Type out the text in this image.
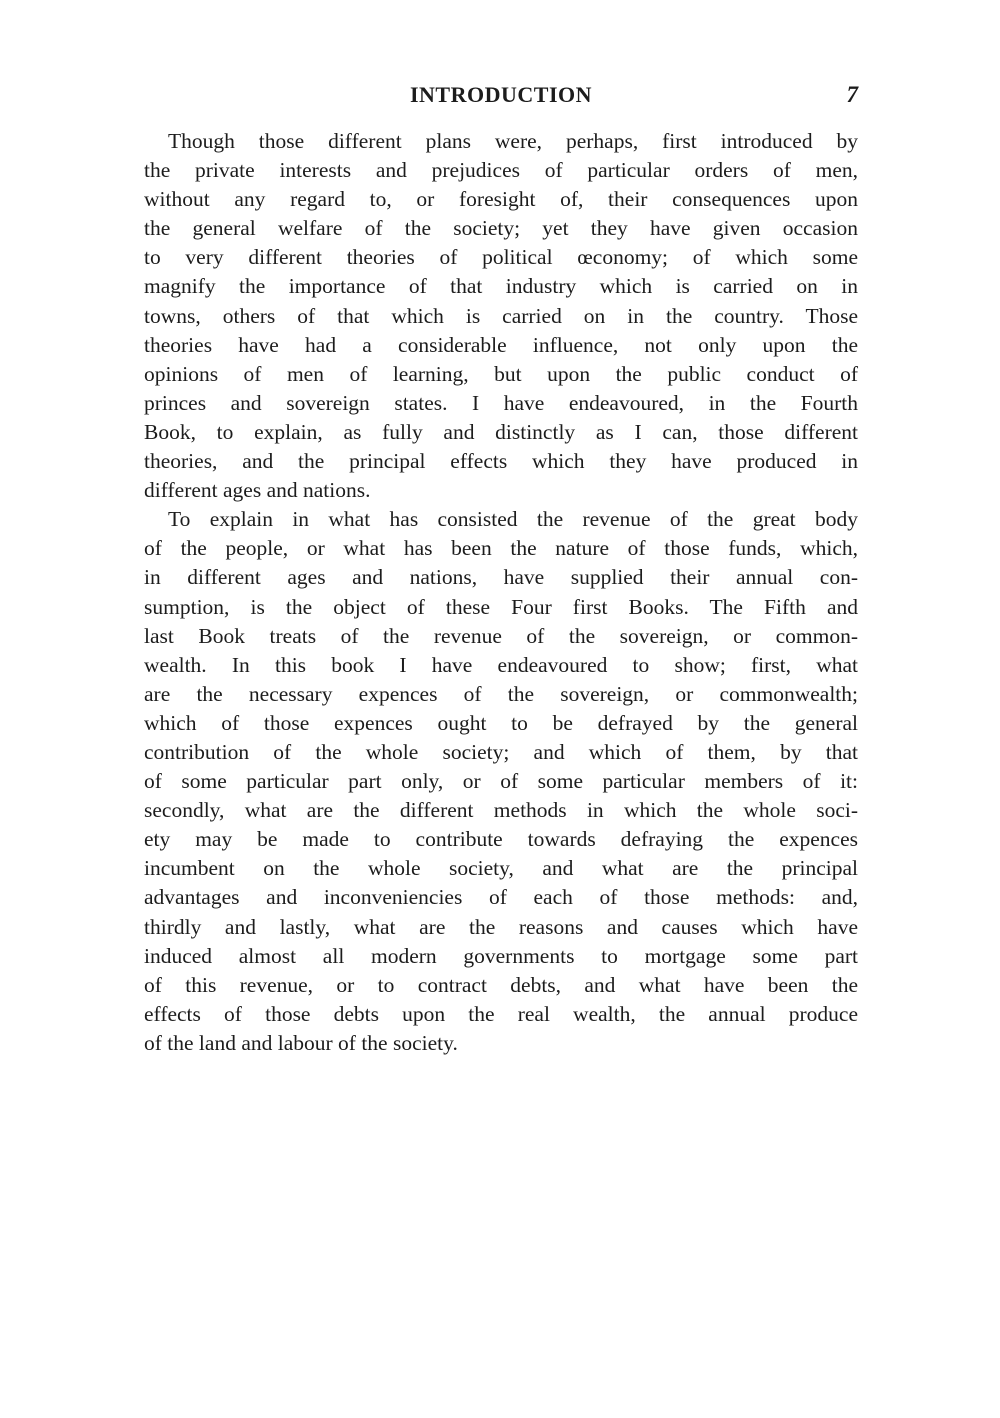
INTRODUCTION	7

Though those different plans were, perhaps, first introduced by
the private interests and prejudices of particular orders of men,
without any regard to, or foresight of, their consequences upon
the general welfare of the society; yet they have given occasion
to very different theories of political œconomy; of which some
magnify the importance of that industry which is carried on in
towns, others of that which is carried on in the country. Those
theories have had a considerable influence, not only upon the
opinions of men of learning, but upon the public conduct of
princes and sovereign states. I have endeavoured, in the Fourth
Book, to explain, as fully and distinctly as I can, those different
theories, and the principal effects which they have produced in
different ages and nations.

To explain in what has consisted the revenue of the great body
of the people, or what has been the nature of those funds, which,
in different ages and nations, have supplied their annual con-
sumption, is the object of these Four first Books. The Fifth and
last Book treats of the revenue of the sovereign, or common-
wealth. In this book I have endeavoured to show; first, what
are the necessary expences of the sovereign, or commonwealth;
which of those expences ought to be defrayed by the general
contribution of the whole society; and which of them, by that
of some particular part only, or of some particular members of it:
secondly, what are the different methods in which the whole soci-
ety may be made to contribute towards defraying the expences
incumbent on the whole society, and what are the principal
advantages and inconveniencies of each of those methods: and,
thirdly and lastly, what are the reasons and causes which have
induced almost all modern governments to mortgage some part
of this revenue, or to contract debts, and what have been the
effects of those debts upon the real wealth, the annual produce
of the land and labour of the society.
